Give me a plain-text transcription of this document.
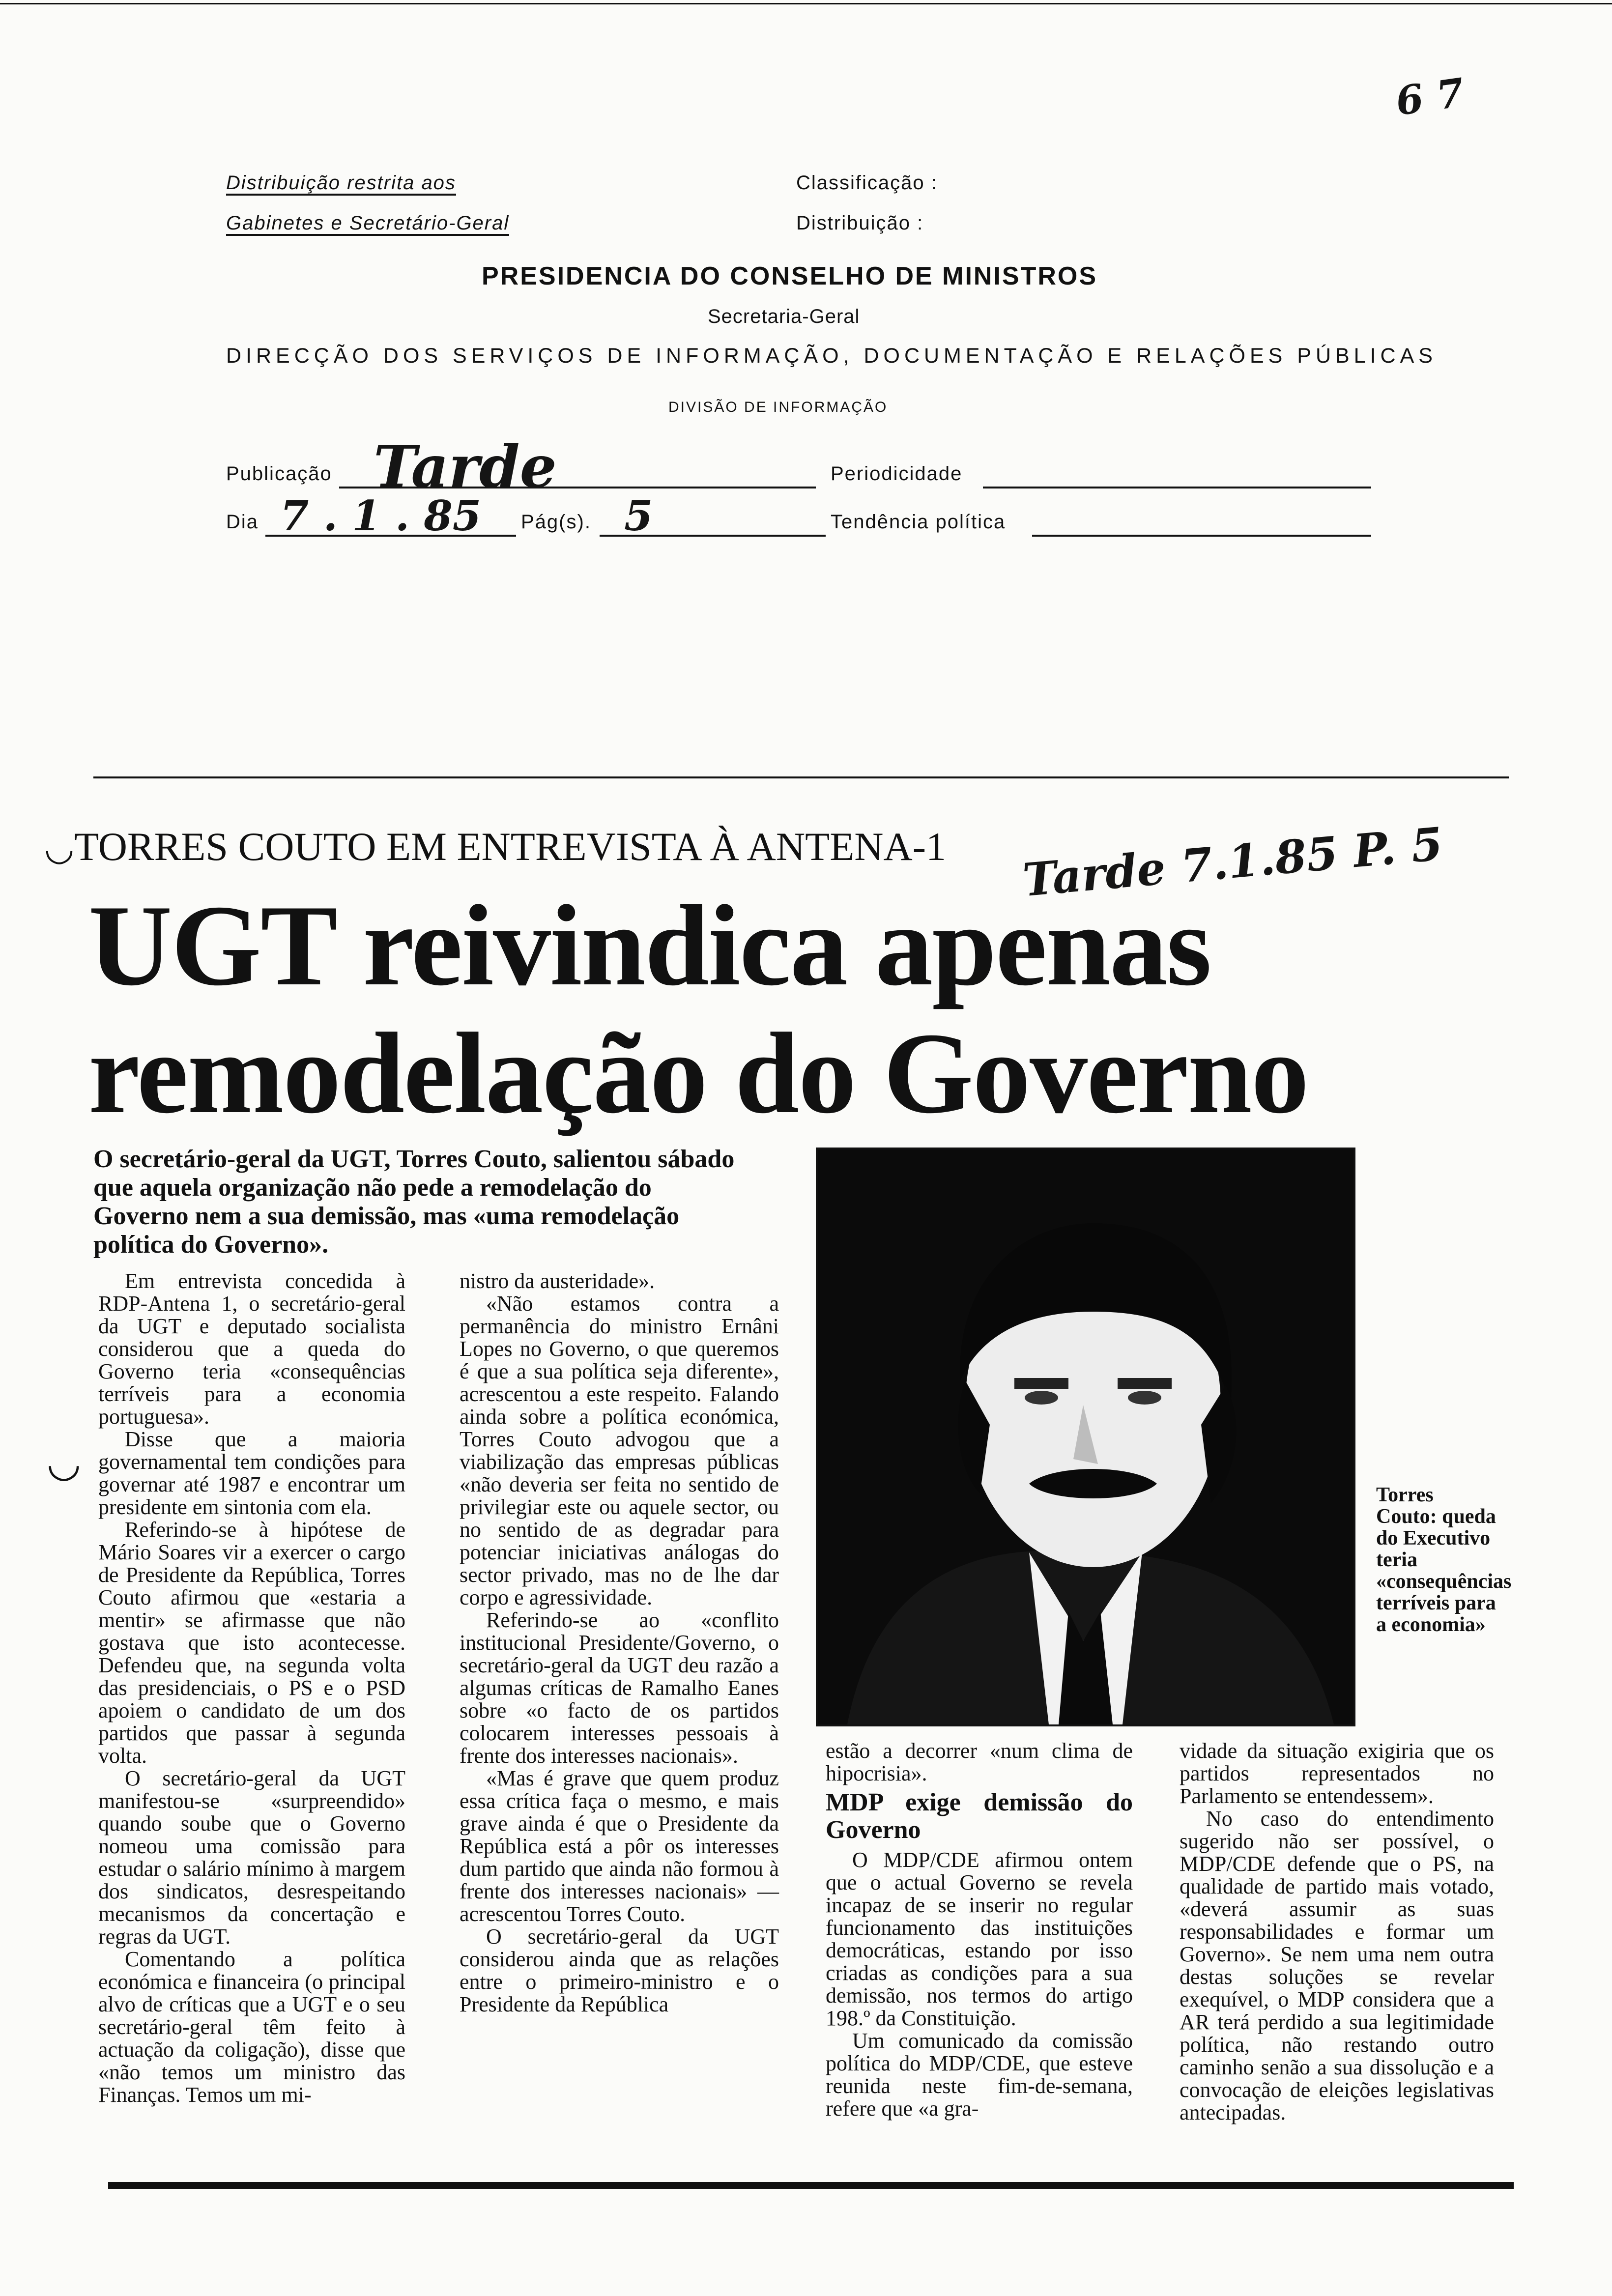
6 7
Distribuição restrita aos
Gabinetes e Secretário-Geral
Classificação :
Distribuição :
PRESIDENCIA DO CONSELHO DE MINISTROS
Secretaria-Geral
DIRECÇÃO DOS SERVIÇOS DE INFORMAÇÃO, DOCUMENTAÇÃO E RELAÇÕES PÚBLICAS
DIVISÃO DE INFORMAÇÃO
Publicação Tarde	Periodicidade
Dia 7 . 1 . 85 Pág(s). 5	Tendência política
◡TORRES COUTO EM ENTREVISTA À ANTENA-1 Tarde 7.1.85 P. 5
UGT reivindica apenas
remodelação do Governo
O secretário-geral da UGT, Torres Couto, salientou sábado que aquela organização não pede a remodelação do Governo nem a sua demissão, mas «uma remodelação política do Governo».
Torres Couto: queda do Executivo teria «consequências terríveis para a economia»

Em entrevista concedida à RDP-Antena 1, o secretário-geral da UGT e deputado socialista considerou que a queda do Governo teria «consequências terríveis para a economia portuguesa».

Disse que a maioria governamental tem condições para governar até 1987 e encontrar um presidente em sintonia com ela.

Referindo-se à hipótese de Mário Soares vir a exercer o cargo de Presidente da República, Torres Couto afirmou que «estaria a mentir» se afirmasse que não gostava que isto acontecesse. Defendeu que, na segunda volta das presidenciais, o PS e o PSD apoiem o candidato de um dos partidos que passar à segunda volta.

O secretário-geral da UGT manifestou-se «surpreendido» quando soube que o Governo nomeou uma comissão para estudar o salário mínimo à margem dos sindicatos, desrespeitando mecanismos da concertação e regras da UGT.

Comentando a política económica e financeira (o principal alvo de críticas que a UGT e o seu secretário-geral têm feito à actuação da coligação), disse que «não temos um ministro das Finanças. Temos um mi-

nistro da austeridade».

«Não estamos contra a permanência do ministro Ernâni Lopes no Governo, o que queremos é que a sua política seja diferente», acrescentou a este respeito. Falando ainda sobre a política económica, Torres Couto advogou que a viabilização das empresas públicas «não deveria ser feita no sentido de privilegiar este ou aquele sector, ou no sentido de as degradar para potenciar iniciativas análogas do sector privado, mas no de lhe dar corpo e agressividade.

Referindo-se ao «conflito institucional Presidente/Governo, o secretário-geral da UGT deu razão a algumas críticas de Ramalho Eanes sobre «o facto de os partidos colocarem interesses pessoais à frente dos interesses nacionais».

«Mas é grave que quem produz essa crítica faça o mesmo, e mais grave ainda é que o Presidente da República está a pôr os interesses dum partido que ainda não formou à frente dos interesses nacionais» — acrescentou Torres Couto.

O secretário-geral da UGT considerou ainda que as relações entre o primeiro-ministro e o Presidente da República

estão a decorrer «num clima de hipocrisia».

MDP exige demissão do Governo

O MDP/CDE afirmou ontem que o actual Governo se revela incapaz de se inserir no regular funcionamento das instituições democráticas, estando por isso criadas as condições para a sua demissão, nos termos do artigo 198.º da Constituição.

Um comunicado da comissão política do MDP/CDE, que esteve reunida neste fim-de-semana, refere que «a gra-

vidade da situação exigiria que os partidos representados no Parlamento se entendessem».

No caso do entendimento sugerido não ser possível, o MDP/CDE defende que o PS, na qualidade de partido mais votado, «deverá assumir as suas responsabilidades e formar um Governo». Se nem uma nem outra destas soluções se revelar exequível, o MDP considera que a AR terá perdido a sua legitimidade política, não restando outro caminho senão a sua dissolução e a convocação de eleições legislativas antecipadas.

◡
